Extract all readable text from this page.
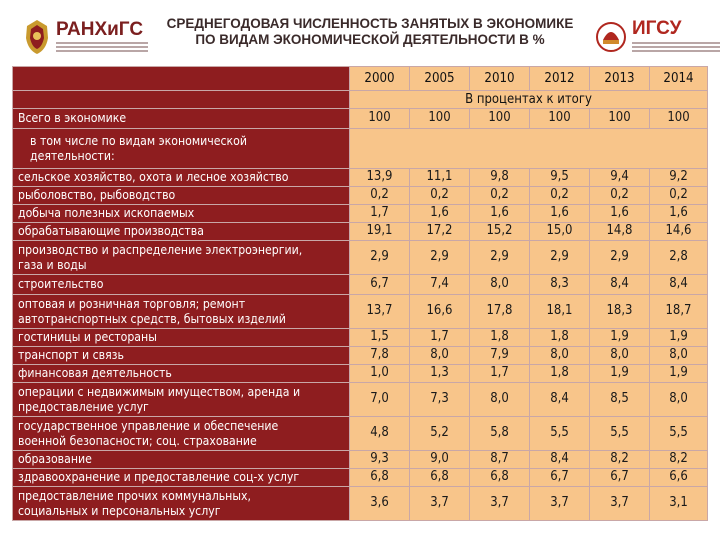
РАНХиГС	СРЕДНЕГОДОВАЯ ЧИСЛЕННОСТЬ ЗАНЯТЫХ В ЭКОНОМИКЕ
ПО ВИДАМ ЭКОНОМИЧЕСКОЙ ДЕЯТЕЛЬНОСТИ В %
ИГСУ
	2000	2005	2010	2012	2013	2014
	В процентах к итогу					
Всего в экономике	100	100	100	100	100	100

в том числе по видам экономической деятельности:						

сельское хозяйство, охота и лесное хозяйство	13,9	11,1	9,8	9,5	9,4	9,2
рыболовство, рыбоводство	0,2	0,2	0,2	0,2	0,2	0,2
добыча полезных ископаемых	1,7	1,6	1,6	1,6	1,6	1,6
обрабатывающие производства	19,1	17,2	15,2	15,0	14,8	14,6

производство и распределение электроэнергии, газа и воды	2,9	2,9	2,9	2,9	2,9	2,8
строительство	6,7	7,4	8,0	8,3	8,4	8,4

оптовая и розничная торговля; ремонт автотранспортных средств, бытовых изделий	13,7	16,6	17,8	18,1	18,3	18,7
гостиницы и рестораны	1,5	1,7	1,8	1,8	1,9	1,9
транспорт и связь	7,8	8,0	7,9	8,0	8,0	8,0
финансовая деятельность	1,0	1,3	1,7	1,8	1,9	1,9

операции с недвижимым имуществом, аренда и предоставление услуг	7,0	7,3	8,0	8,4	8,5	8,0

государственное управление и обеспечение военной безопасности; соц. страхование	4,8	5,2	5,8	5,5	5,5	5,5
образование	9,3	9,0	8,7	8,4	8,2	8,2
здравоохранение и предоставление соц-х услуг	6,8	6,8	6,8	6,7	6,7	6,6

предоставление прочих коммунальных, социальных и персональных услуг	3,6	3,7	3,7	3,7	3,7	3,1
